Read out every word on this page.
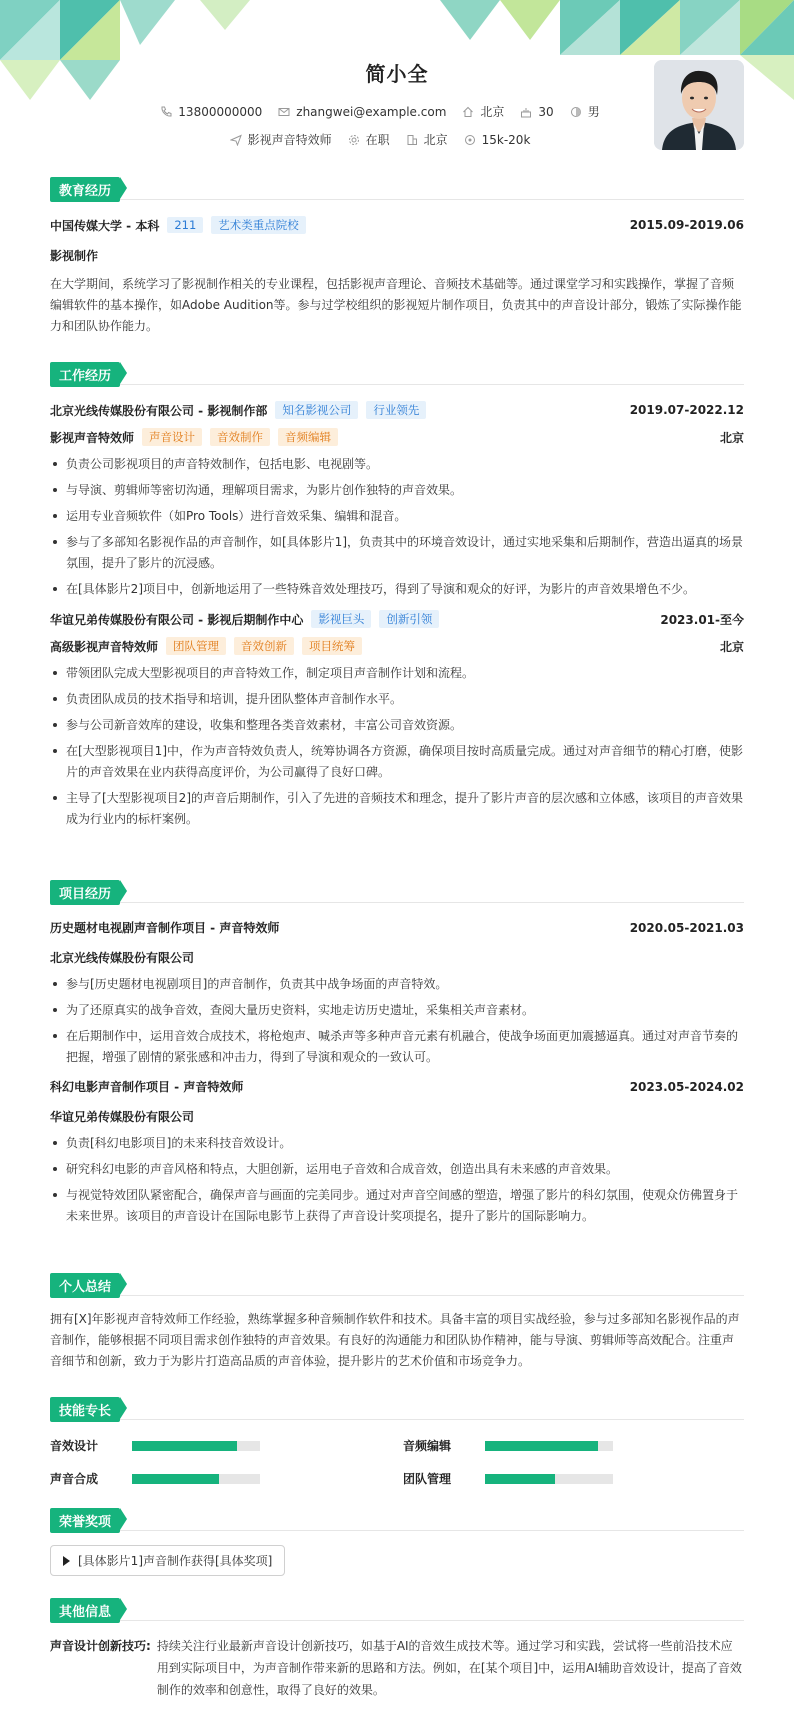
简小全
13800000000	zhangwei@example.com	北京	30	男
影视声音特效师	在职	北京	15k-20k
教育经历
中国传媒大学 - 本科	211	艺术类重点院校	2015.09-2019.06
影视制作
在大学期间，系统学习了影视制作相关的专业课程，包括影视声音理论、音频技术基础等。通过课堂学习和实践操作，掌握了音频编辑软件的基本操作，如Adobe Audition等。参与过学校组织的影视短片制作项目，负责其中的声音设计部分，锻炼了实际操作能力和团队协作能力。
工作经历
北京光线传媒股份有限公司 - 影视制作部	知名影视公司	行业领先	2019.07-2022.12
影视声音特效师	声音设计	音效制作	音频编辑	北京
负责公司影视项目的声音特效制作，包括电影、电视剧等。
与导演、剪辑师等密切沟通，理解项目需求，为影片创作独特的声音效果。
运用专业音频软件（如Pro Tools）进行音效采集、编辑和混音。
参与了多部知名影视作品的声音制作，如[具体影片1]，负责其中的环境音效设计，通过实地采集和后期制作，营造出逼真的场景氛围，提升了影片的沉浸感。
在[具体影片2]项目中，创新地运用了一些特殊音效处理技巧，得到了导演和观众的好评，为影片的声音效果增色不少。
华谊兄弟传媒股份有限公司 - 影视后期制作中心	影视巨头	创新引领	2023.01-至今
高级影视声音特效师	团队管理	音效创新	项目统筹	北京
带领团队完成大型影视项目的声音特效工作，制定项目声音制作计划和流程。
负责团队成员的技术指导和培训，提升团队整体声音制作水平。
参与公司新音效库的建设，收集和整理各类音效素材，丰富公司音效资源。
在[大型影视项目1]中，作为声音特效负责人，统筹协调各方资源，确保项目按时高质量完成。通过对声音细节的精心打磨，使影片的声音效果在业内获得高度评价，为公司赢得了良好口碑。
主导了[大型影视项目2]的声音后期制作，引入了先进的音频技术和理念，提升了影片声音的层次感和立体感，该项目的声音效果成为行业内的标杆案例。
项目经历
历史题材电视剧声音制作项目 - 声音特效师	2020.05-2021.03
北京光线传媒股份有限公司
参与[历史题材电视剧项目]的声音制作，负责其中战争场面的声音特效。
为了还原真实的战争音效，查阅大量历史资料，实地走访历史遗址，采集相关声音素材。
在后期制作中，运用音效合成技术，将枪炮声、喊杀声等多种声音元素有机融合，使战争场面更加震撼逼真。通过对声音节奏的把握，增强了剧情的紧张感和冲击力，得到了导演和观众的一致认可。
科幻电影声音制作项目 - 声音特效师	2023.05-2024.02
华谊兄弟传媒股份有限公司
负责[科幻电影项目]的未来科技音效设计。
研究科幻电影的声音风格和特点，大胆创新，运用电子音效和合成音效，创造出具有未来感的声音效果。
与视觉特效团队紧密配合，确保声音与画面的完美同步。通过对声音空间感的塑造，增强了影片的科幻氛围，使观众仿佛置身于未来世界。该项目的声音设计在国际电影节上获得了声音设计奖项提名，提升了影片的国际影响力。
个人总结
拥有[X]年影视声音特效师工作经验，熟练掌握多种音频制作软件和技术。具备丰富的项目实战经验，参与过多部知名影视作品的声音制作，能够根据不同项目需求创作独特的声音效果。有良好的沟通能力和团队协作精神，能与导演、剪辑师等高效配合。注重声音细节和创新，致力于为影片打造高品质的声音体验，提升影片的艺术价值和市场竞争力。
技能专长
音效设计	音频编辑
声音合成	团队管理
荣誉奖项
[具体影片1]声音制作获得[具体奖项]
其他信息
声音设计创新技巧: 持续关注行业最新声音设计创新技巧，如基于AI的音效生成技术等。通过学习和实践，尝试将一些前沿技术应用到实际项目中，为声音制作带来新的思路和方法。例如，在[某个项目]中，运用AI辅助音效设计，提高了音效制作的效率和创意性，取得了良好的效果。
